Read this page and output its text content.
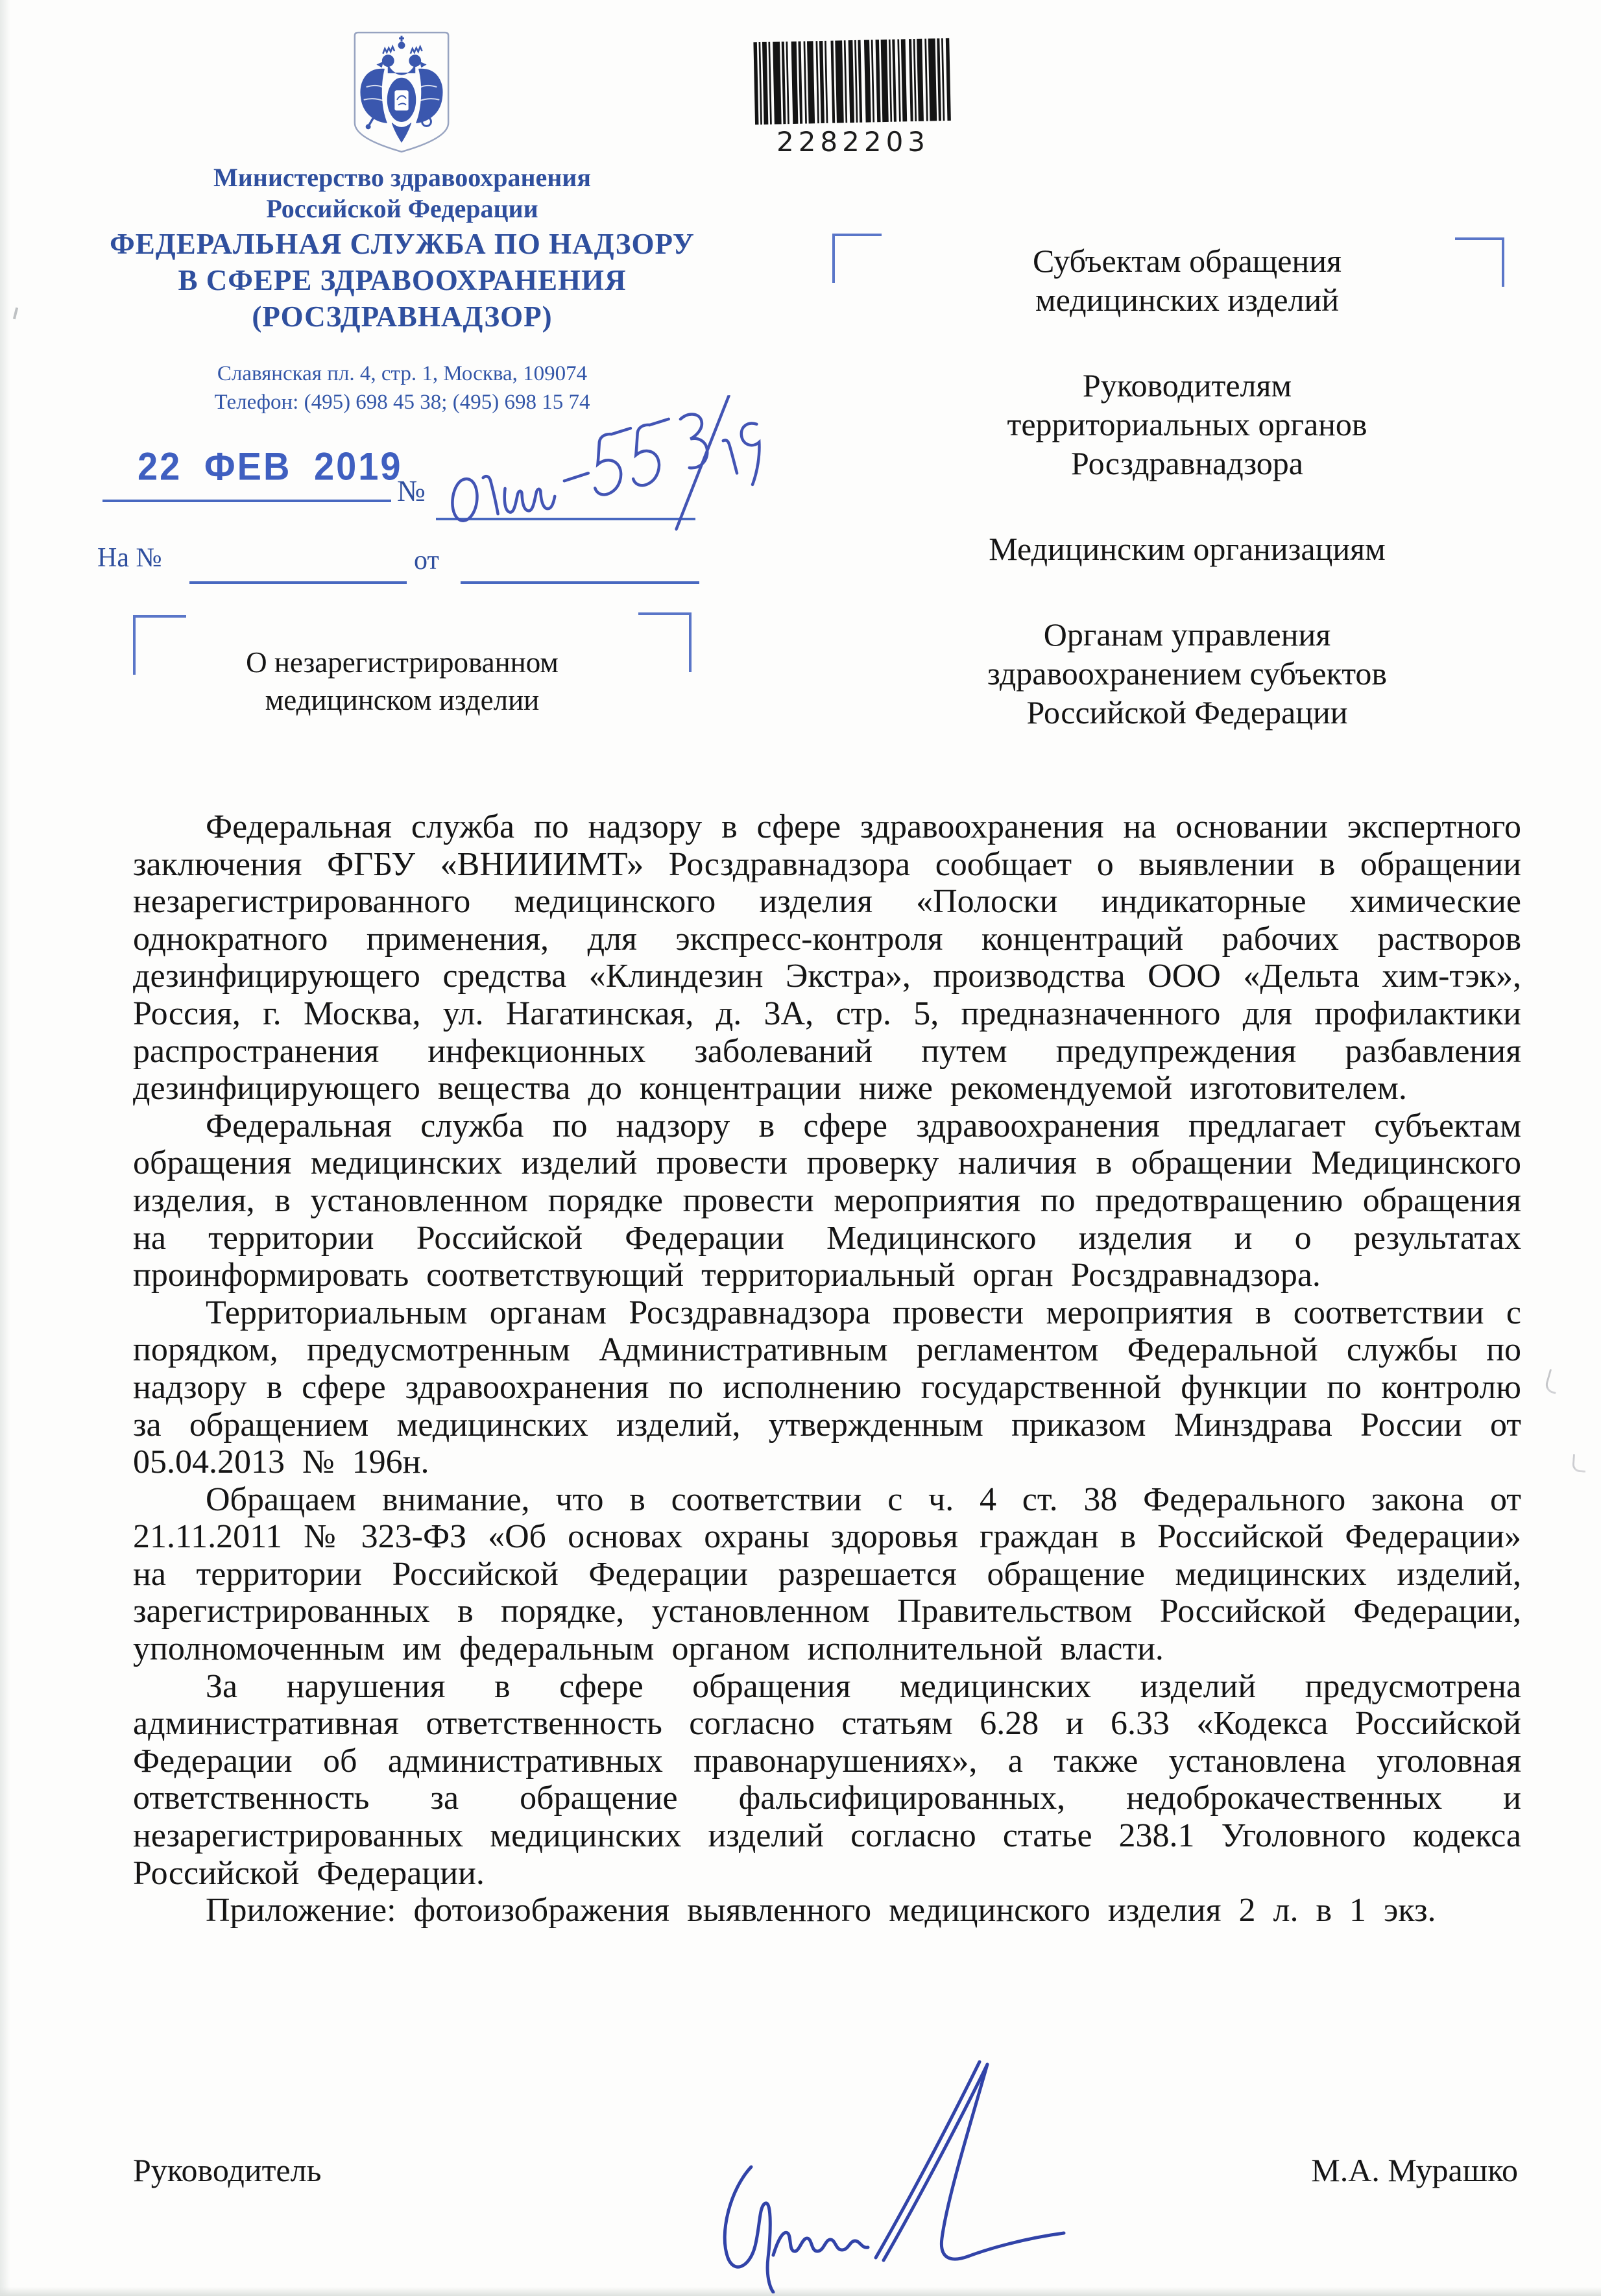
Министерство здравоохранения
Российской Федерации
ФЕДЕРАЛЬНАЯ СЛУЖБА ПО НАДЗОРУ
В СФЕРЕ ЗДРАВООХРАНЕНИЯ
(РОСЗДРАВНАДЗОР)
Славянская пл. 4, стр. 1, Москва, 109074
Телефон: (495) 698 45 38; (495) 698 15 74
2282203
22 ФЕВ 2019
№
На №	от
Субъектам обращения медицинских изделий
Руководителям территориальных органов Росздравнадзора
Медицинским организациям
Органам управления здравоохранением субъектов Российской Федерации
О незарегистрированном медицинском изделии

Федеральная служба по надзору в сфере здравоохранения на основании экспертного заключения ФГБУ «ВНИИИМТ» Росздравнадзора сообщает о выявлении в обращении незарегистрированного медицинского изделия «Полоски индикаторные химические однократного применения, для экспресс-контроля концентраций рабочих растворов дезинфицирующего средства «Клиндезин Экстра», производства ООО «Дельта хим-тэк», Россия, г. Москва, ул. Нагатинская, д. 3А, стр. 5, предназначенного для профилактики распространения инфекционных заболеваний путем предупреждения разбавления дезинфицирующего вещества до концентрации ниже рекомендуемой изготовителем.

Федеральная служба по надзору в сфере здравоохранения предлагает субъектам обращения медицинских изделий провести проверку наличия в обращении Медицинского изделия, в установленном порядке провести мероприятия по предотвращению обращения на территории Российской Федерации Медицинского изделия и о результатах проинформировать соответствующий территориальный орган Росздравнадзора.

Территориальным органам Росздравнадзора провести мероприятия в соответствии с порядком, предусмотренным Административным регламентом Федеральной службы по надзору в сфере здравоохранения по исполнению государственной функции по контролю за обращением медицинских изделий, утвержденным приказом Минздрава России от 05.04.2013 № 196н.

Обращаем внимание, что в соответствии с ч. 4 ст. 38 Федерального закона от 21.11.2011 № 323-ФЗ «Об основах охраны здоровья граждан в Российской Федерации» на территории Российской Федерации разрешается обращение медицинских изделий, зарегистрированных в порядке, установленном Правительством Российской Федерации, уполномоченным им федеральным органом исполнительной власти.

За нарушения в сфере обращения медицинских изделий предусмотрена административная ответственность согласно статьям 6.28 и 6.33 «Кодекса Российской Федерации об административных правонарушениях», а также установлена уголовная ответственность за обращение фальсифицированных, недоброкачественных и незарегистрированных медицинских изделий согласно статье 238.1 Уголовного кодекса Российской Федерации.

Приложение: фотоизображения выявленного медицинского изделия 2 л. в 1 экз.

Руководитель	М.А. Мурашко
